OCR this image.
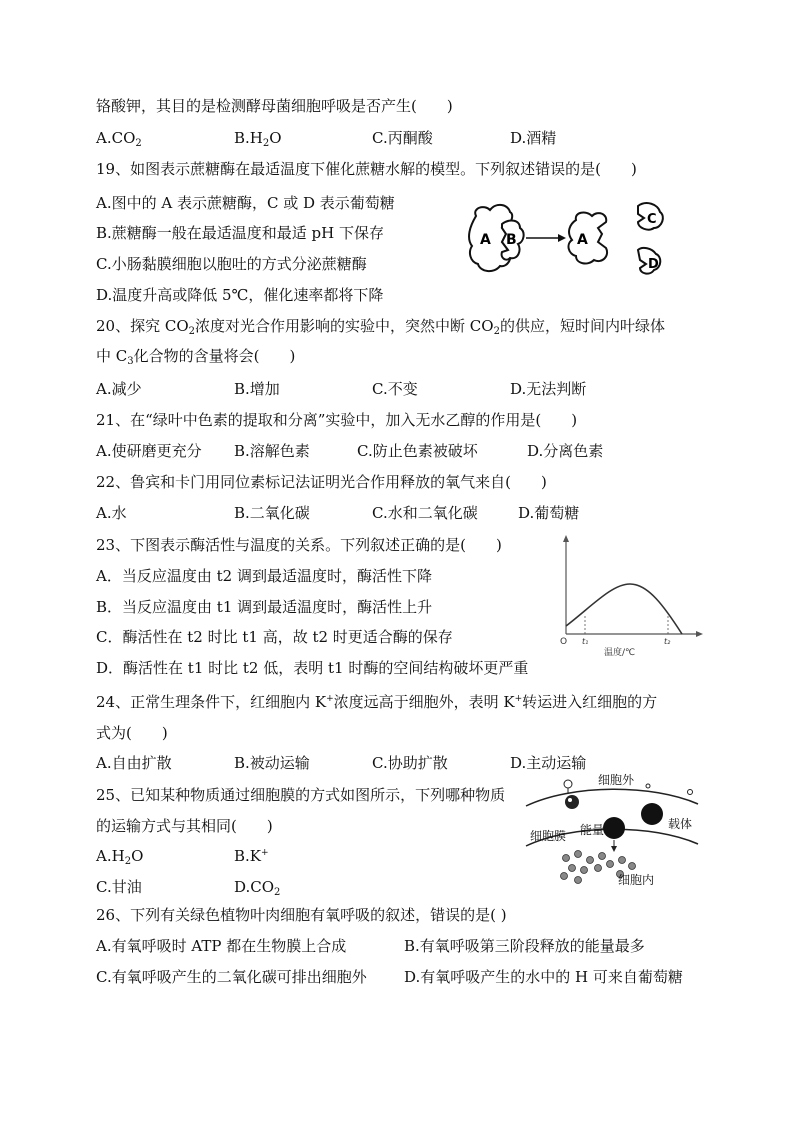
铬酸钾，其目的是检测酵母菌细胞呼吸是否产生(　　)
$A.CO_2$	$B.H_2O$	C.丙酮酸	D.酒精
19、如图表示蔗糖酶在最适温度下催化蔗糖水解的模型。下列叙述错误的是(　　)
A.图中的 A 表示蔗糖酶，C 或 D 表示葡萄糖
B.蔗糖酶一般在最适温度和最适 pH 下保存
C.小肠黏膜细胞以胞吐的方式分泌蔗糖酶
D.温度升高或降低 5℃，催化速率都将下降
A B	A
C
D
20、探究 $CO_2$浓度对光合作用影响的实验中，突然中断 $CO_2$的供应，短时间内叶绿体
中 $C_3$化合物的含量将会(　　)
A.减少	B.增加	C.不变	D.无法判断
21、在“绿叶中色素的提取和分离”实验中，加入无水乙醇的作用是(　　)
A.使研磨更充分 B.溶解色素	C.防止色素被破坏	D.分离色素
22、鲁宾和卡门用同位素标记法证明光合作用释放的氧气来自(　　)
A.水	B.二氧化碳	C.水和二氧化碳	D.葡萄糖
23、下图表示酶活性与温度的关系。下列叙述正确的是(　　)
A．当反应温度由 t2 调到最适温度时，酶活性下降
B．当反应温度由 t1 调到最适温度时，酶活性上升
C．酶活性在 t2 时比 t1 高，故 t2 时更适合酶的保存
D．酶活性在 t1 时比 t2 低，表明 t1 时酶的空间结构破坏更严重
O t₁	t₂
温度/℃
24、正常生理条件下，红细胞内 K+浓度远高于细胞外，表明 K+转运进入红细胞的方
式为(　　)
A.自由扩散	B.被动运输	C.协助扩散	D.主动运输
25、已知某种物质通过细胞膜的方式如图所示，下列哪种物质
的运输方式与其相同(　　)
$A.H_2O$	B.K+
C.甘油	$D.CO_2$
细胞外
细胞膜 能量	载体
细胞内
26、下列有关绿色植物叶肉细胞有氧呼吸的叙述，错误的是( )
A.有氧呼吸时 ATP 都在生物膜上合成	B.有氧呼吸第三阶段释放的能量最多
C.有氧呼吸产生的二氧化碳可排出细胞外 D.有氧呼吸产生的水中的 H 可来自葡萄糖
